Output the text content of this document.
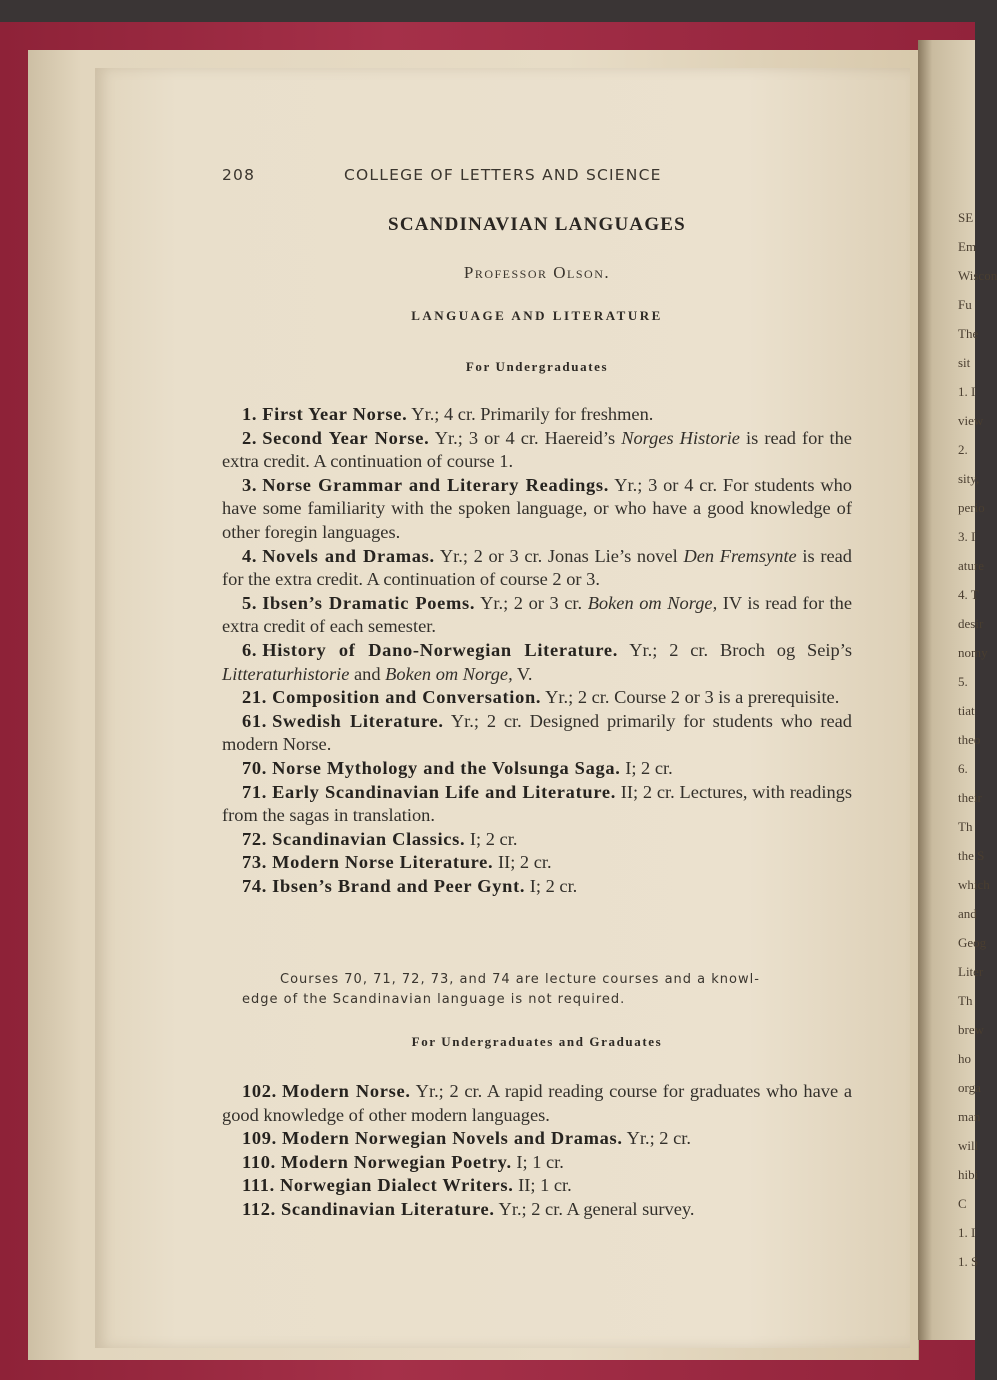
SE
Em
Wiscon
Fu
The
sit
1. I
view
2.
sity,
perio
3. I
ature
4. T
desir
nomy
5.
tiat
theo
6.
their
Th
the S
which
and
Geog
Liter
Th
brew
ho
orga
man
will
hibi
C
1. I
1. S
208	COLLEGE OF LETTERS AND SCIENCE
SCANDINAVIAN LANGUAGES
Professor Olson.
LANGUAGE AND LITERATURE
For Undergraduates

1. First Year Norse. Yr.; 4 cr. Primarily for freshmen.

2. Second Year Norse. Yr.; 3 or 4 cr. Haereid’s Norges Historie is read for the extra credit. A continuation of course 1.

3. Norse Grammar and Literary Readings. Yr.; 3 or 4 cr. For students who have some familiarity with the spoken language, or who have a good knowledge of other foregin languages.

4. Novels and Dramas. Yr.; 2 or 3 cr. Jonas Lie’s novel Den Fremsynte is read for the extra credit. A continuation of course 2 or 3.

5. Ibsen’s Dramatic Poems. Yr.; 2 or 3 cr. Boken om Norge, IV is read for the extra credit of each semester.

6. History of Dano-Norwegian Literature. Yr.; 2 cr. Broch og Seip’s Litteraturhistorie and Boken om Norge, V.

21. Composition and Conversation. Yr.; 2 cr. Course 2 or 3 is a prerequisite.

61. Swedish Literature. Yr.; 2 cr. Designed primarily for students who read modern Norse.

70. Norse Mythology and the Volsunga Saga. I; 2 cr.

71. Early Scandinavian Life and Literature. II; 2 cr. Lectures, with readings from the sagas in translation.

72. Scandinavian Classics. I; 2 cr.

73. Modern Norse Literature. II; 2 cr.

74. Ibsen’s Brand and Peer Gynt. I; 2 cr.

Courses 70, 71, 72, 73, and 74 are lecture courses and a knowl-
edge of the Scandinavian language is not required.
For Undergraduates and Graduates

102. Modern Norse. Yr.; 2 cr. A rapid reading course for graduates who have a good knowledge of other modern languages.

109. Modern Norwegian Novels and Dramas. Yr.; 2 cr.

110. Modern Norwegian Poetry. I; 1 cr.

111. Norwegian Dialect Writers. II; 1 cr.

112. Scandinavian Literature. Yr.; 2 cr. A general survey.
